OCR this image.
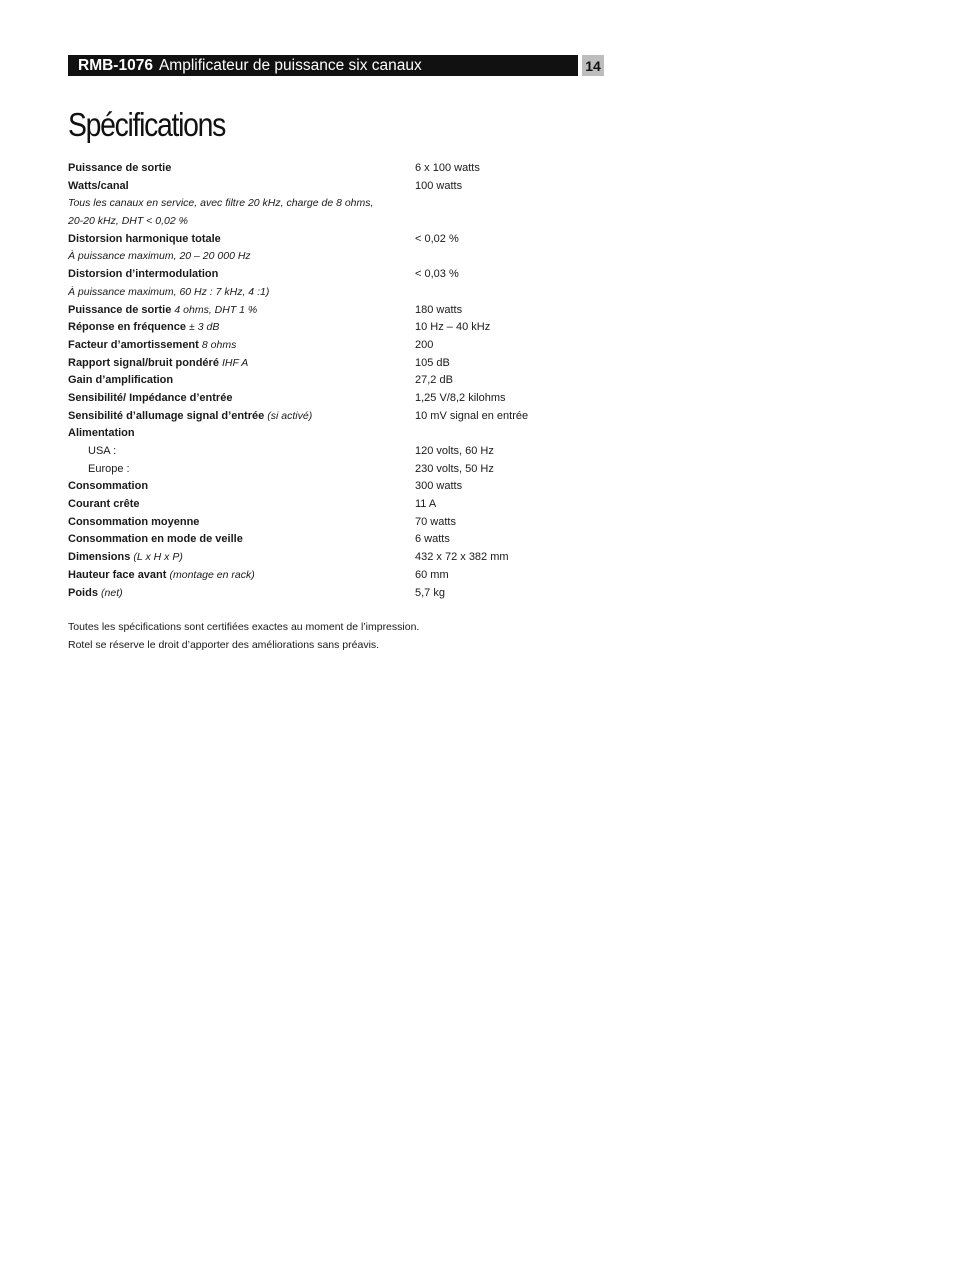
RMB-1076 Amplificateur de puissance six canaux	14
Spécifications
Puissance de sortie	6 x 100 watts
Watts/canal	100 watts
Tous les canaux en service, avec filtre 20 kHz, charge de 8 ohms,
20-20 kHz, DHT < 0,02 %
Distorsion harmonique totale	< 0,02 %
À puissance maximum, 20 – 20 000 Hz
Distorsion d’intermodulation	< 0,03 %
À puissance maximum, 60 Hz : 7 kHz, 4 :1)
Puissance de sortie 4 ohms, DHT 1 %	180 watts
Réponse en fréquence ± 3 dB	10 Hz – 40 kHz
Facteur d’amortissement 8 ohms	200
Rapport signal/bruit pondéré IHF A	105 dB
Gain d’amplification	27,2 dB
Sensibilité/ Impédance d’entrée	1,25 V/8,2 kilohms
Sensibilité d’allumage signal d’entrée (si activé)	10 mV signal en entrée
Alimentation
USA :	120 volts, 60 Hz
Europe :	230 volts, 50 Hz
Consommation	300 watts
Courant crête	11 A
Consommation moyenne	70 watts
Consommation en mode de veille	6 watts
Dimensions (L x H x P)	432 x 72 x 382 mm
Hauteur face avant (montage en rack)	60 mm
Poids (net)	5,7 kg
Toutes les spécifications sont certifiées exactes au moment de l’impression.
Rotel se réserve le droit d’apporter des améliorations sans préavis.
